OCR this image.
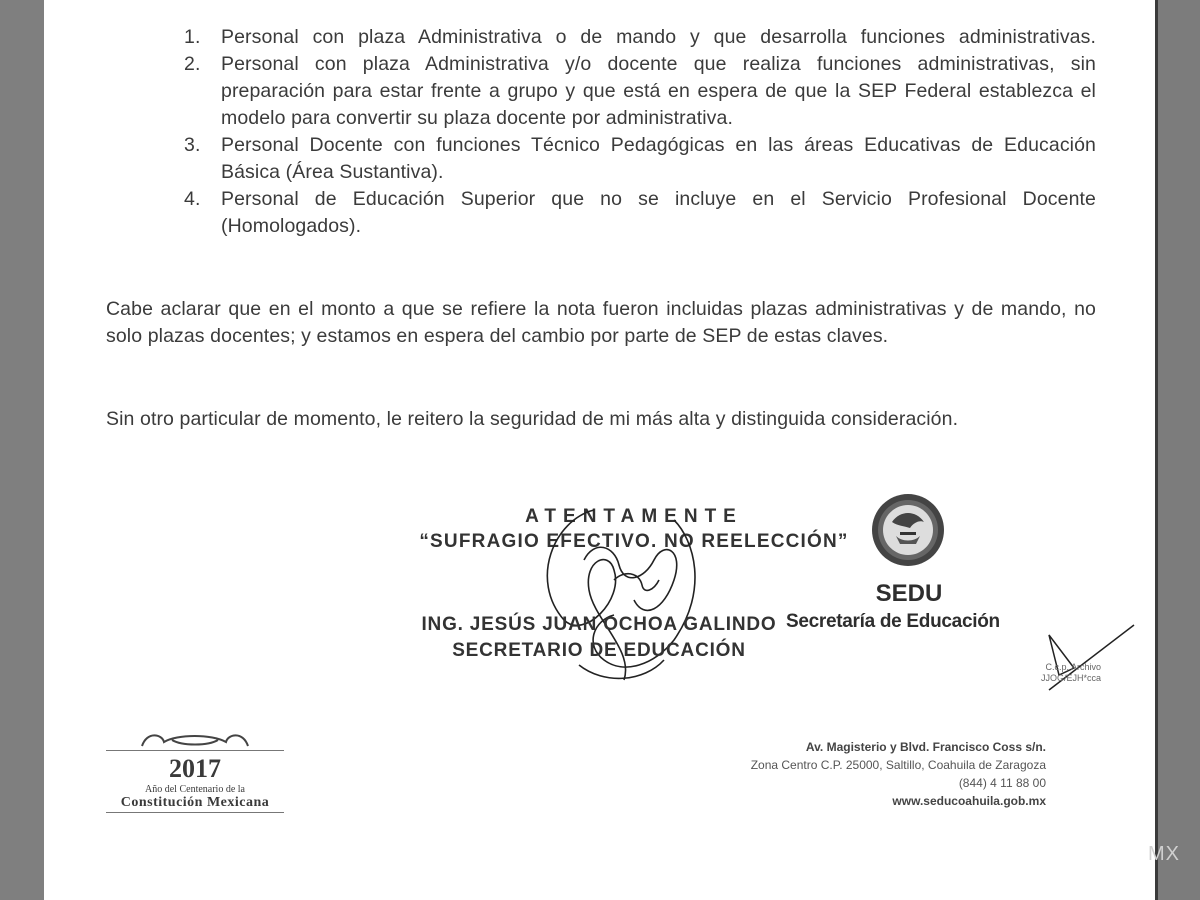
1. Personal con plaza Administrativa o de mando y que desarrolla funciones administrativas.
2. Personal con plaza Administrativa y/o docente que realiza funciones administrativas, sin preparación para estar frente a grupo y que está en espera de que la SEP Federal establezca el modelo para convertir su plaza docente por administrativa.
3. Personal Docente con funciones Técnico Pedagógicas en las áreas Educativas de Educación Básica (Área Sustantiva).
4. Personal de Educación Superior que no se incluye en el Servicio Profesional Docente (Homologados).

Cabe aclarar que en el monto a que se refiere la nota fueron incluidas plazas administrativas y de mando, no solo plazas docentes; y estamos en espera del cambio por parte de SEP de estas claves.

Sin otro particular de momento, le reitero la seguridad de mi más alta y distinguida consideración.

ATENTAMENTE
“SUFRAGIO EFECTIVO. NO REELECCIÓN”
ING. JESÚS JUAN OCHOA GALINDO
SECRETARIO DE EDUCACIÓN
SEDU
Secretaría de Educación
C.c.p. Archivo
JJOG/EJH*cca
2017
Año del Centenario de la
Constitución Mexicana
Av. Magisterio y Blvd. Francisco Coss s/n.
Zona Centro C.P. 25000, Saltillo, Coahuila de Zaragoza
(844) 4 11 88 00
www.seducoahuila.gob.mx
MX
